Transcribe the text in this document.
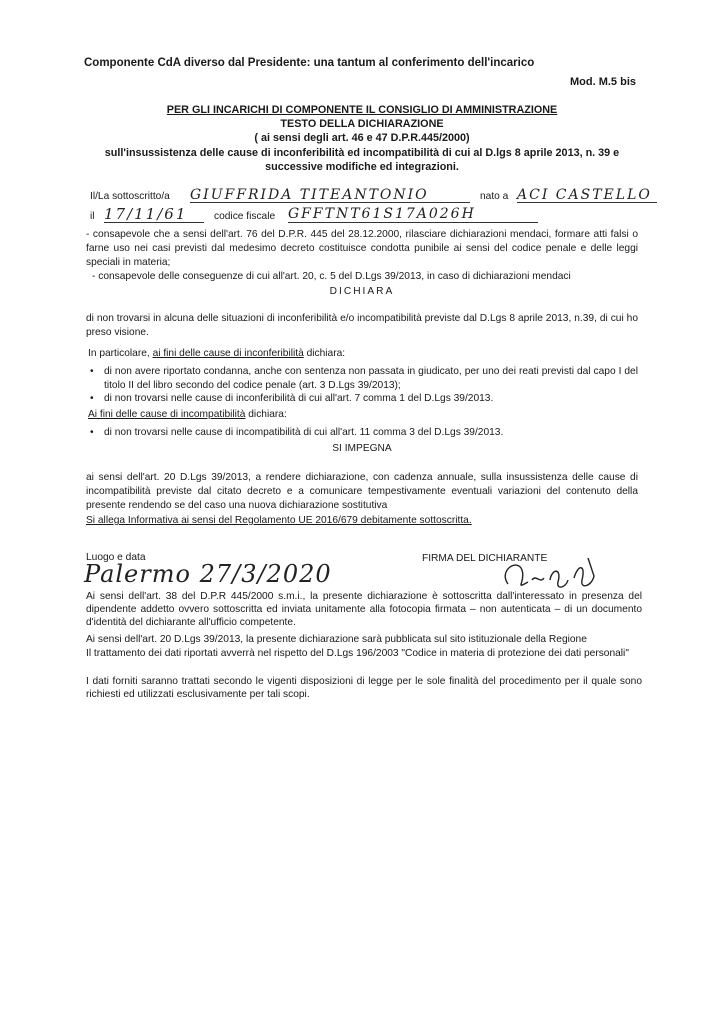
Componente CdA diverso dal Presidente: una tantum al conferimento dell'incarico
Mod. M.5 bis
PER GLI INCARICHI DI COMPONENTE IL CONSIGLIO DI AMMINISTRAZIONE
TESTO DELLA DICHIARAZIONE
( ai sensi degli art. 46 e 47 D.P.R.445/2000)
sull'insussistenza delle cause di inconferibilità ed incompatibilità di cui al D.lgs 8 aprile 2013, n. 39 e
successive modifiche ed integrazioni.
Il/La sottoscritto/a GIUFFRIDA TITEANTONIO	nato a ACI CASTELLO
il 17/11/61	codice fiscale GFFTNT61S17A026H
- consapevole che a sensi dell'art. 76 del D.P.R. 445 del 28.12.2000, rilasciare dichiarazioni mendaci, formare atti falsi o farne uso nei casi previsti dal medesimo decreto costituisce condotta punibile ai sensi del codice penale e delle leggi speciali in materia;
- consapevole delle conseguenze di cui all'art. 20, c. 5 del D.Lgs 39/2013, in caso di dichiarazioni mendaci
DICHIARA
di non trovarsi in alcuna delle situazioni di inconferibilità e/o incompatibilità previste dal D.Lgs 8 aprile 2013, n.39, di cui ho preso visione.
In particolare, ai fini delle cause di inconferibilità dichiara:
• di non avere riportato condanna, anche con sentenza non passata in giudicato, per uno dei reati previsti dal capo I del titolo II del libro secondo del codice penale (art. 3 D.Lgs 39/2013);
• di non trovarsi nelle cause di inconferibilità di cui all'art. 7 comma 1 del D.Lgs 39/2013.
Ai fini delle cause di incompatibilità dichiara:
• di non trovarsi nelle cause di incompatibilità di cui all'art. 11 comma 3 del D.Lgs 39/2013.
SI IMPEGNA
ai sensi dell'art. 20 D.Lgs 39/2013, a rendere dichiarazione, con cadenza annuale, sulla insussistenza delle cause di incompatibilità previste dal citato decreto e a comunicare tempestivamente eventuali variazioni del contenuto della presente rendendo se del caso una nuova dichiarazione sostitutiva
Si allega Informativa ai sensi del Regolamento UE 2016/679 debitamente sottoscritta.
Luogo e data
Palermo 27/3/2020
FIRMA DEL DICHIARANTE
Ai sensi dell'art. 38 del D.P.R 445/2000 s.m.i., la presente dichiarazione è sottoscritta dall'interessato in presenza del dipendente addetto ovvero sottoscritta ed inviata unitamente alla fotocopia firmata – non autenticata – di un documento d'identità del dichiarante all'ufficio competente.
Ai sensi dell'art. 20 D.Lgs 39/2013, la presente dichiarazione sarà pubblicata sul sito istituzionale della Regione
Il trattamento dei dati riportati avverrà nel rispetto del D.Lgs 196/2003 "Codice in materia di protezione dei dati personali"
I dati forniti saranno trattati secondo le vigenti disposizioni di legge per le sole finalità del procedimento per il quale sono richiesti ed utilizzati esclusivamente per tali scopi.
